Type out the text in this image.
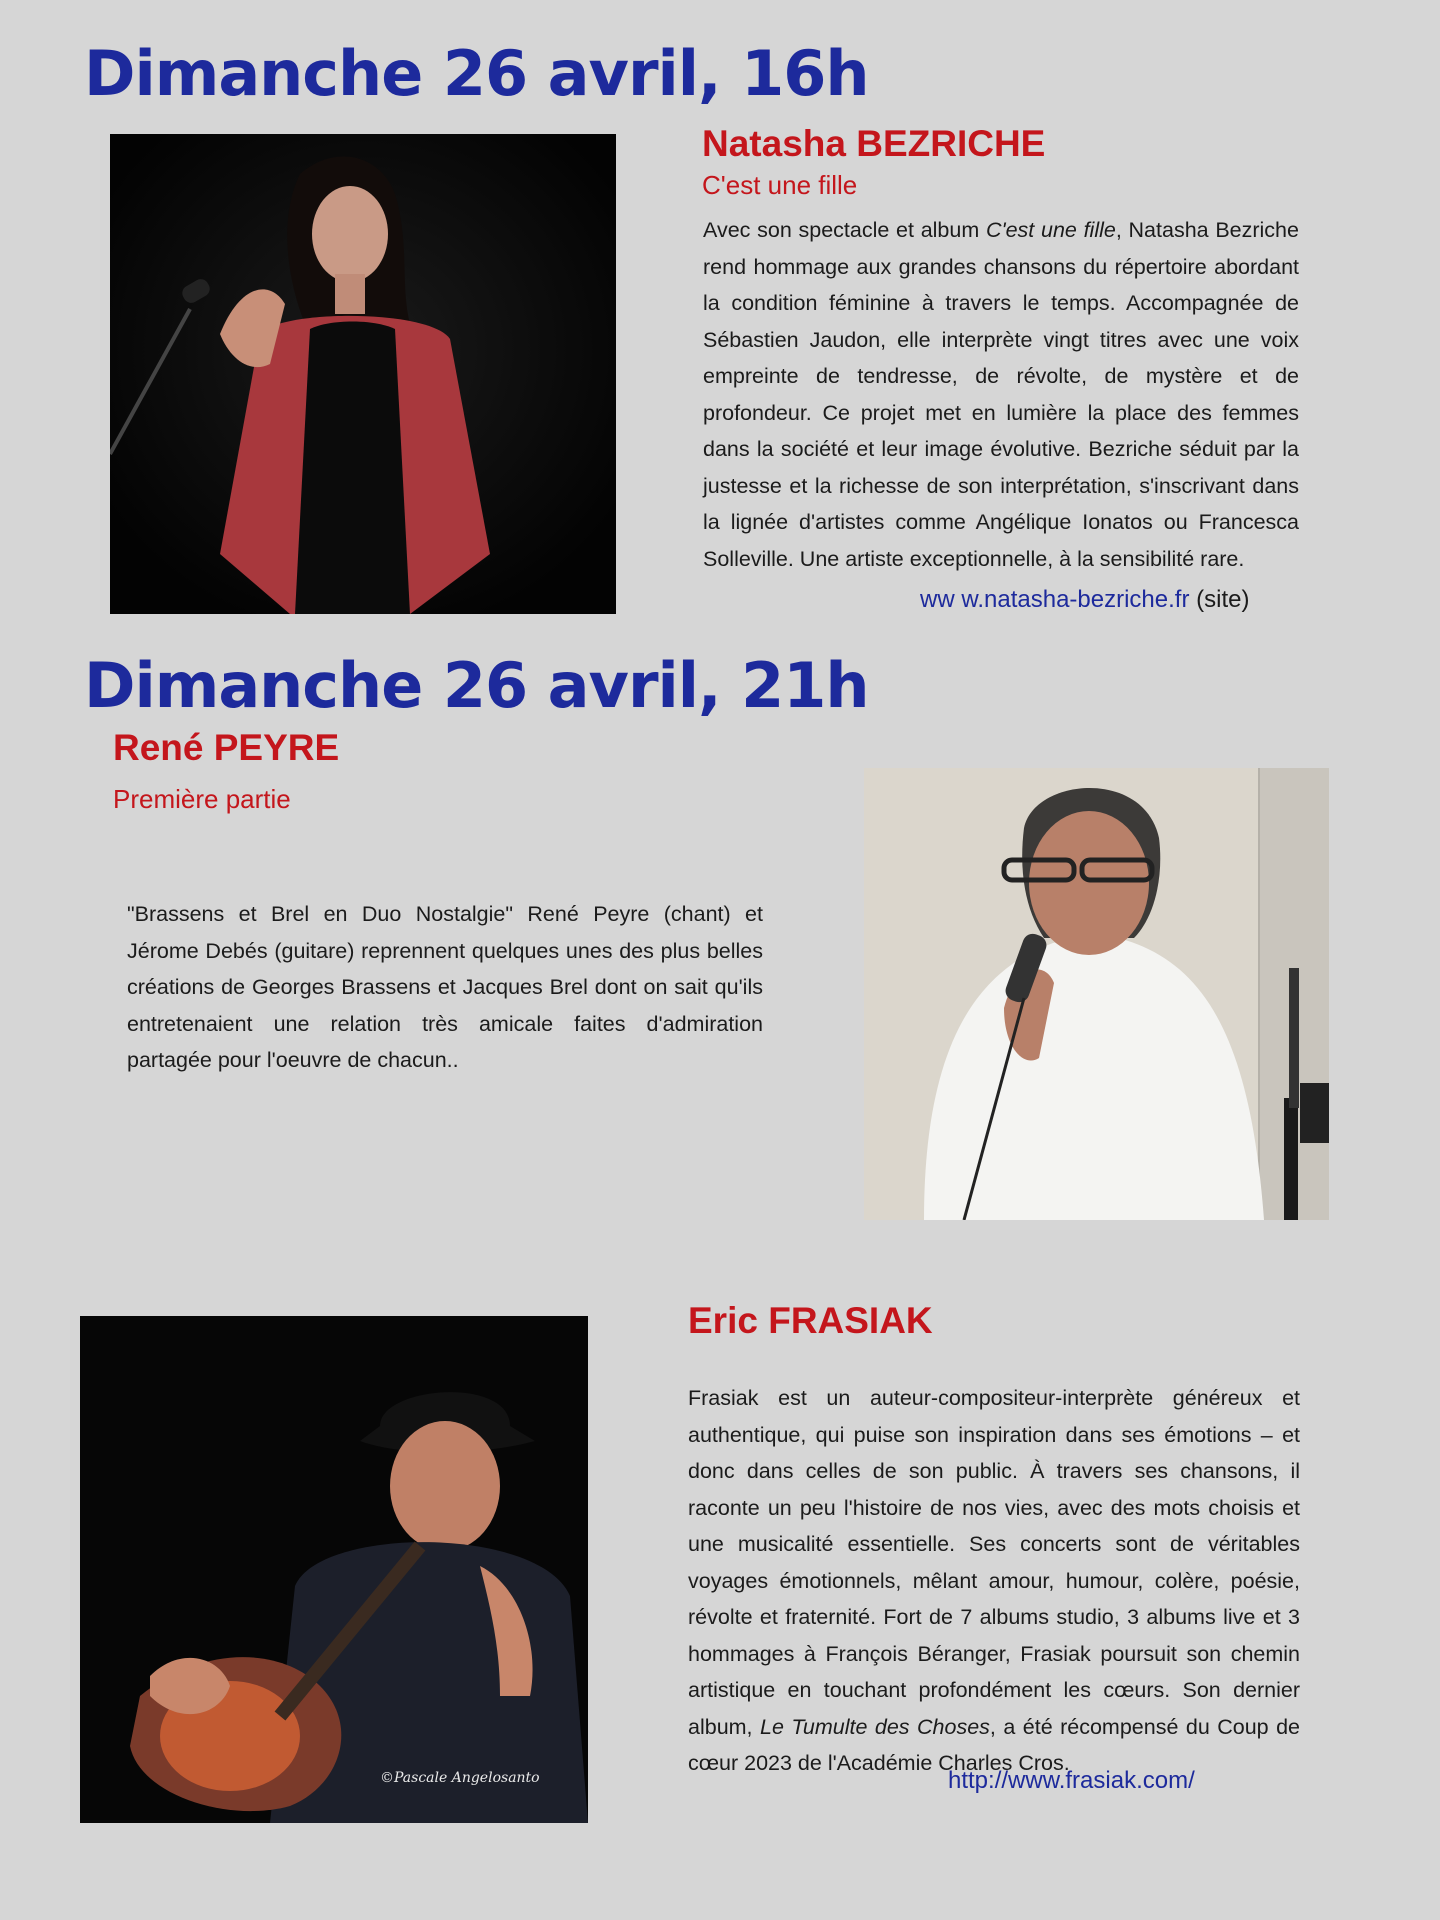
Dimanche 26 avril, 16h
Natasha BEZRICHE
C'est une fille

Avec son spectacle et album C'est une fille, Natasha Bezriche rend hommage aux grandes chansons du répertoire abordant la condition féminine à travers le temps. Accompagnée de Sébastien Jaudon, elle interprète vingt titres avec une voix empreinte de tendresse, de révolte, de mystère et de profondeur. Ce projet met en lumière la place des femmes dans la société et leur image évolutive. Bezriche séduit par la justesse et la richesse de son interprétation, s'inscrivant dans la lignée d'artistes comme Angélique Ionatos ou Francesca Solleville. Une artiste exceptionnelle, à la sensibilité rare.

ww w.natasha-bezriche.fr (site)
Dimanche 26 avril, 21h
René PEYRE
Première partie

"Brassens et Brel en Duo Nostalgie" René Peyre (chant) et Jérome Debés (guitare) reprennent quelques unes des plus belles créations de Georges Brassens et Jacques Brel dont on sait qu'ils entretenaient une relation très amicale faites d'admiration partagée pour l'oeuvre de chacun..

©Pascale Angelosanto
Eric FRASIAK

Frasiak est un auteur-compositeur-interprète généreux et authentique, qui puise son inspiration dans ses émotions – et donc dans celles de son public. À travers ses chansons, il raconte un peu l'histoire de nos vies, avec des mots choisis et une musicalité essentielle. Ses concerts sont de véritables voyages émotionnels, mêlant amour, humour, colère, poésie, révolte et fraternité. Fort de 7 albums studio, 3 albums live et 3 hommages à François Béranger, Frasiak poursuit son chemin artistique en touchant profondément les cœurs. Son dernier album, Le Tumulte des Choses, a été récompensé du Coup de cœur 2023 de l'Académie Charles Cros.

http://www.frasiak.com/
